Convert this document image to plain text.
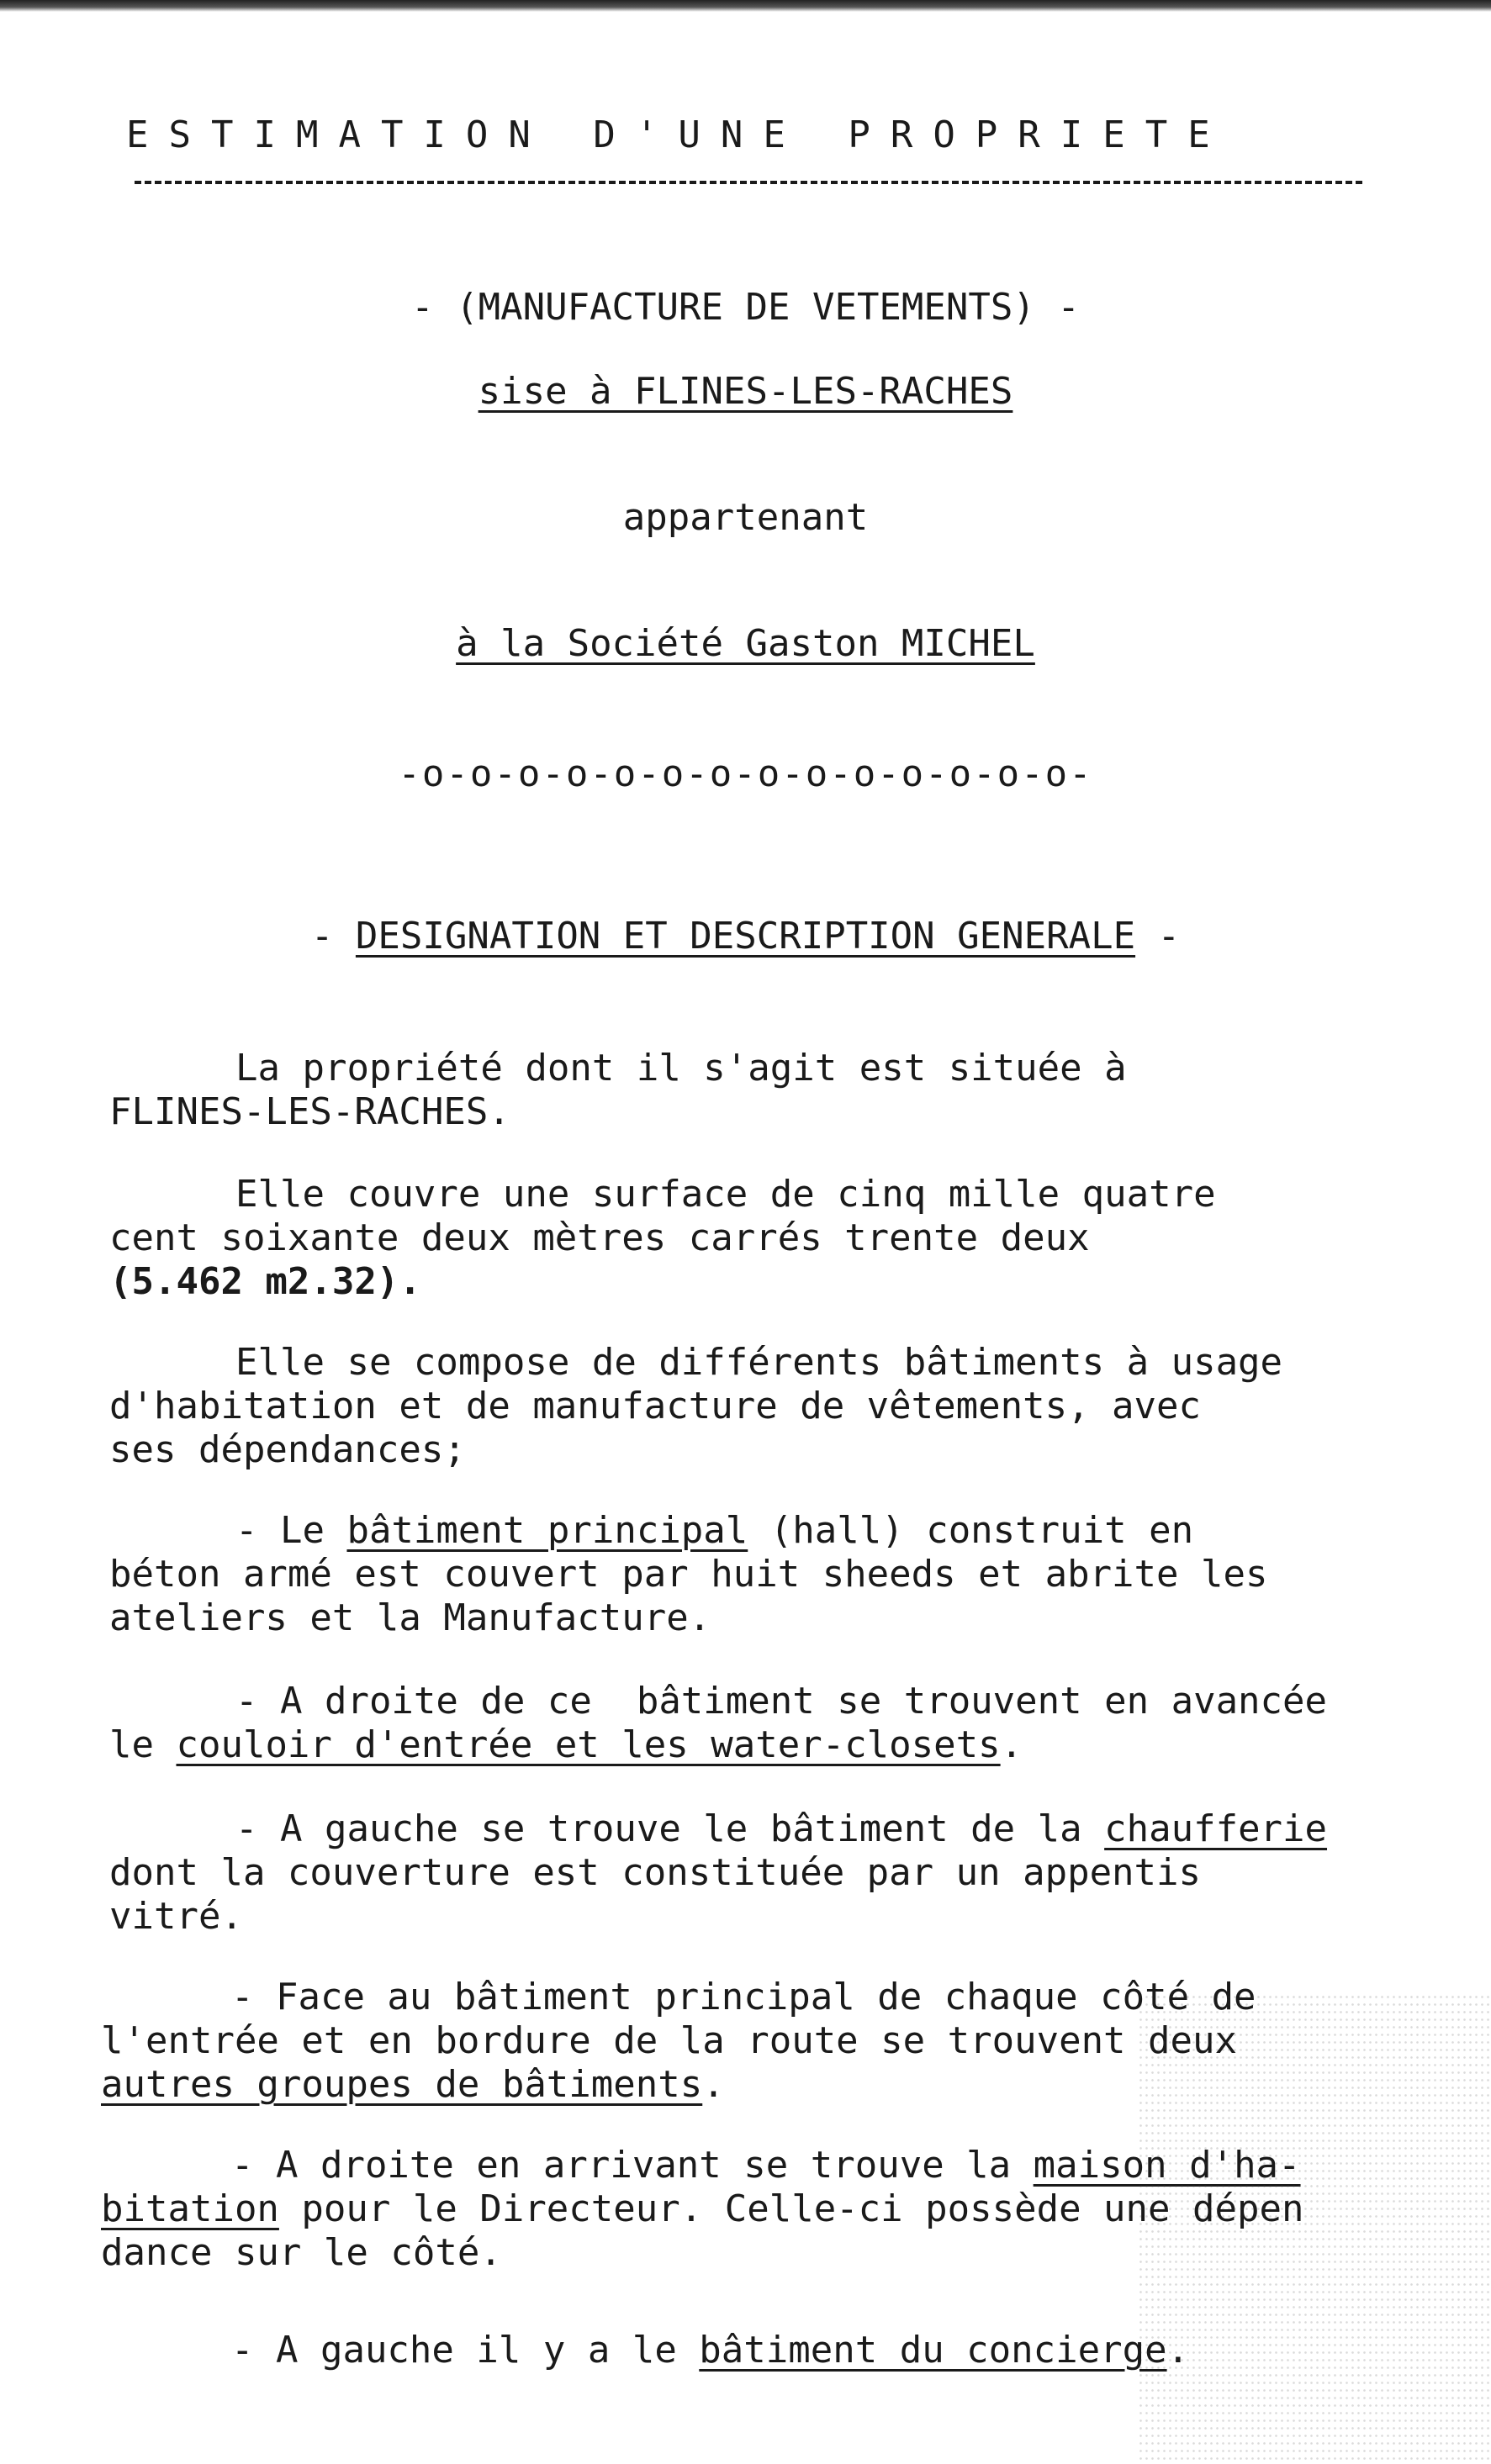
ESTIMATION D'UNE PROPRIETE
- (MANUFACTURE DE VETEMENTS) -
sise à FLINES-LES-RACHES
appartenant
à la Société Gaston MICHEL
-o-o-o-o-o-o-o-o-o-o-o-o-o-o-
- DESIGNATION ET DESCRIPTION GENERALE -
La propriété dont il s'agit est située à
FLINES-LES-RACHES.
Elle couvre une surface de cinq mille quatre
cent soixante deux mètres carrés trente deux
(5.462 m2.32).
Elle se compose de différents bâtiments à usage
d'habitation et de manufacture de vêtements, avec
ses dépendances;
- Le bâtiment principal (hall) construit en
béton armé est couvert par huit sheeds et abrite les
ateliers et la Manufacture.
- A droite de ce  bâtiment se trouvent en avancée
le couloir d'entrée et les water-closets.
- A gauche se trouve le bâtiment de la chaufferie
dont la couverture est constituée par un appentis
vitré.
- Face au bâtiment principal de chaque côté de
l'entrée et en bordure de la route se trouvent deux
autres groupes de bâtiments.
- A droite en arrivant se trouve la maison d'ha-
bitation pour le Directeur. Celle-ci possède une dépen
dance sur le côté.
- A gauche il y a le bâtiment du concierge.
